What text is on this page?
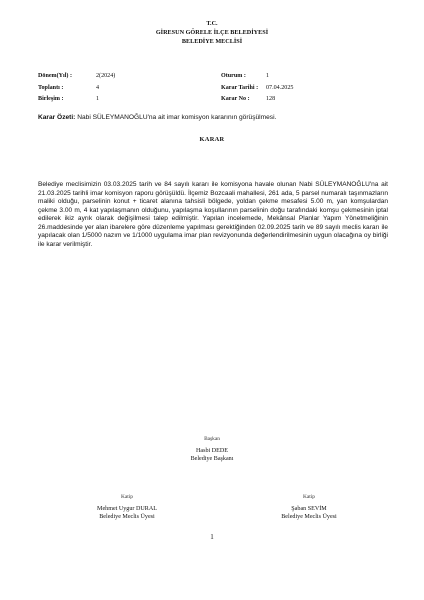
T.C.
GİRESUN GÖRELE İLÇE BELEDİYESİ
BELEDİYE MECLİSİ
Dönem(Yıl) :	2(2024)
Toplantı :	4
Birleşim :	1
Oturum :	1
Karar Tarihi : 07.04.2025
Karar No :	128
Karar Özeti: Nabi SÜLEYMANOĞLU'na ait imar komisyon kararının görüşülmesi.
KARAR
Belediye meclisimizin 03.03.2025 tarih ve 84 sayılı kararı ile komisyona havale olunan Nabi SÜLEYMANOĞLU'na ait 21.03.2025 tarihli imar komisyon raporu görüşüldü. İlçemiz Bozcaali mahallesi, 261 ada, 5 parsel numaralı taşınmazların maliki olduğu, parselinin konut + ticaret alanına tahsisli bölgede, yoldan çekme mesafesi 5.00 m, yan komşulardan çekme 3.00 m, 4 kat yapılaşmanın olduğunu, yapılaşma koşullarının parselinin doğu tarafındaki komşu çekmesinin iptal edilerek ikiz ayrık olarak değişilmesi talep edilmiştir. Yapılan incelemede, Mekânsal Planlar Yapım Yönetmeliğinin 26.maddesinde yer alan ibarelere göre düzenleme yapılması gerektiğinden 02.09.2025 tarih ve 89 sayılı meclis kararı ile yapılacak olan 1/5000 nazım ve 1/1000 uygulama imar plan revizyonunda değerlendirilmesinin uygun olacağına oy birliği ile karar verilmiştir.
Başkan
Hasbi DEDE
Belediye Başkanı
Katip
Mehmet Uygur DURAL
Belediye Meclis Üyesi
Katip
Şaban SEVİM
Belediye Meclis Üyesi
1
